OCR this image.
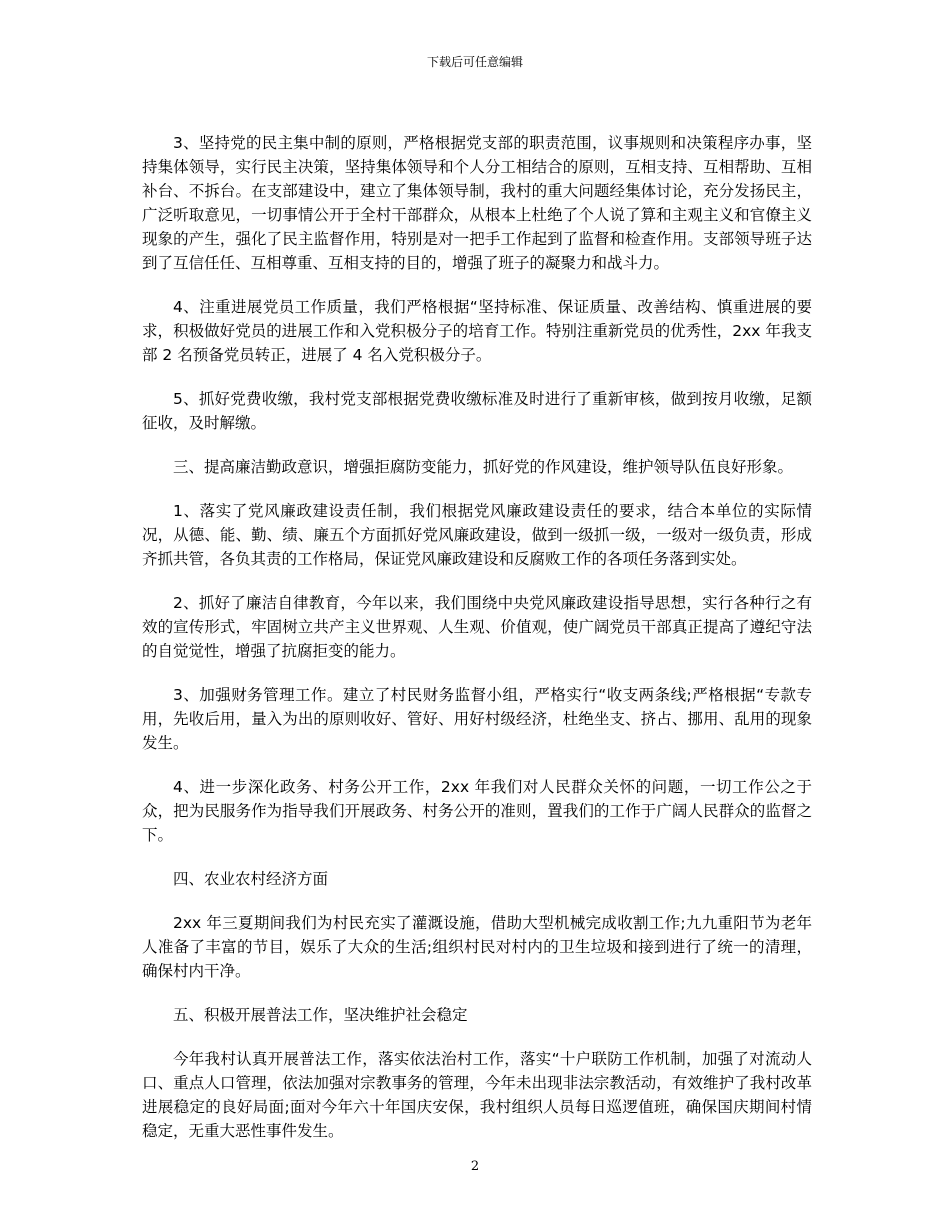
下载后可任意编辑

3、坚持党的民主集中制的原则，严格根据党支部的职责范围，议事规则和决策程序办事，坚持集体领导，实行民主决策，坚持集体领导和个人分工相结合的原则，互相支持、互相帮助、互相补台、不拆台。在支部建设中，建立了集体领导制，我村的重大问题经集体讨论，充分发扬民主，广泛听取意见，一切事情公开于全村干部群众，从根本上杜绝了个人说了算和主观主义和官僚主义现象的产生，强化了民主监督作用，特别是对一把手工作起到了监督和检查作用。支部领导班子达到了互信任任、互相尊重、互相支持的目的，增强了班子的凝聚力和战斗力。

4、注重进展党员工作质量，我们严格根据“坚持标准、保证质量、改善结构、慎重进展的要求，积极做好党员的进展工作和入党积极分子的培育工作。特别注重新党员的优秀性，2xx 年我支部 2 名预备党员转正，进展了 4 名入党积极分子。

5、抓好党费收缴，我村党支部根据党费收缴标准及时进行了重新审核，做到按月收缴，足额征收，及时解缴。

三、提高廉洁勤政意识，增强拒腐防变能力，抓好党的作风建设，维护领导队伍良好形象。

1、落实了党风廉政建设责任制，我们根据党风廉政建设责任的要求，结合本单位的实际情况，从德、能、勤、绩、廉五个方面抓好党风廉政建设，做到一级抓一级，一级对一级负责，形成齐抓共管，各负其责的工作格局，保证党风廉政建设和反腐败工作的各项任务落到实处。

2、抓好了廉洁自律教育，今年以来，我们围绕中央党风廉政建设指导思想，实行各种行之有效的宣传形式，牢固树立共产主义世界观、人生观、价值观，使广阔党员干部真正提高了遵纪守法的自觉觉性，增强了抗腐拒变的能力。

3、加强财务管理工作。建立了村民财务监督小组，严格实行“收支两条线;严格根据“专款专用，先收后用，量入为出的原则收好、管好、用好村级经济，杜绝坐支、挤占、挪用、乱用的现象发生。

4、进一步深化政务、村务公开工作，2xx 年我们对人民群众关怀的问题，一切工作公之于众，把为民服务作为指导我们开展政务、村务公开的准则，置我们的工作于广阔人民群众的监督之下。

四、农业农村经济方面

2xx 年三夏期间我们为村民充实了灌溉设施，借助大型机械完成收割工作;九九重阳节为老年人准备了丰富的节目，娱乐了大众的生活;组织村民对村内的卫生垃圾和接到进行了统一的清理，确保村内干净。

五、积极开展普法工作，坚决维护社会稳定

今年我村认真开展普法工作，落实依法治村工作，落实“十户联防工作机制，加强了对流动人口、重点人口管理，依法加强对宗教事务的管理，今年未出现非法宗教活动，有效维护了我村改革进展稳定的良好局面;面对今年六十年国庆安保，我村组织人员每日巡逻值班，确保国庆期间村情稳定，无重大恶性事件发生。

2
